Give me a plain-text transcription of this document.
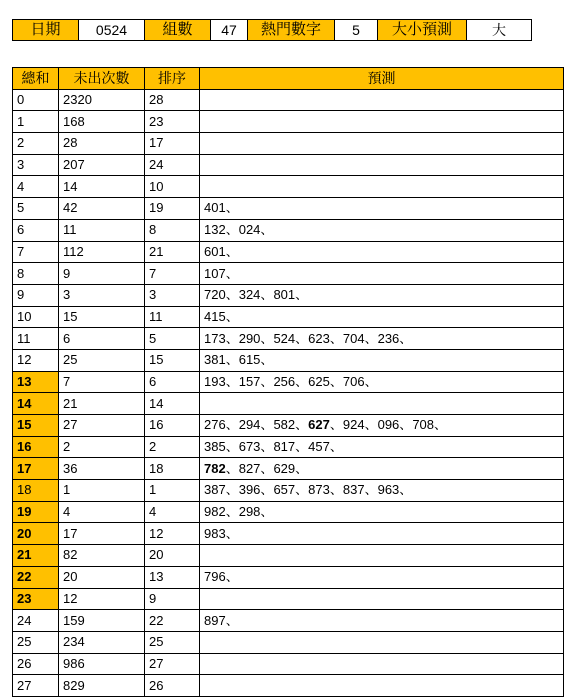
日期	0524	組數	47	熱門數字	5	大小預測	大
總和	未出次數	排序	預測
0	2320	28	
1	168	23	
2	28	17	
3	207	24	
4	14	10	
5	42	19	401、
6	11	8	132、024、
7	112	21	601、
8	9	7	107、
9	3	3	720、324、801、
10	15	11	415、
11	6	5	173、290、524、623、704、236、
12	25	15	381、615、
13	7	6	193、157、256、625、706、
14	21	14	
15	27	16	276、294、582、627、924、096、708、
16	2	2	385、673、817、457、
17	36	18	782、827、629、
18	1	1	387、396、657、873、837、963、
19	4	4	982、298、
20	17	12	983、
21	82	20	
22	20	13	796、
23	12	9	
24	159	22	897、
25	234	25	
26	986	27	
27	829	26	
